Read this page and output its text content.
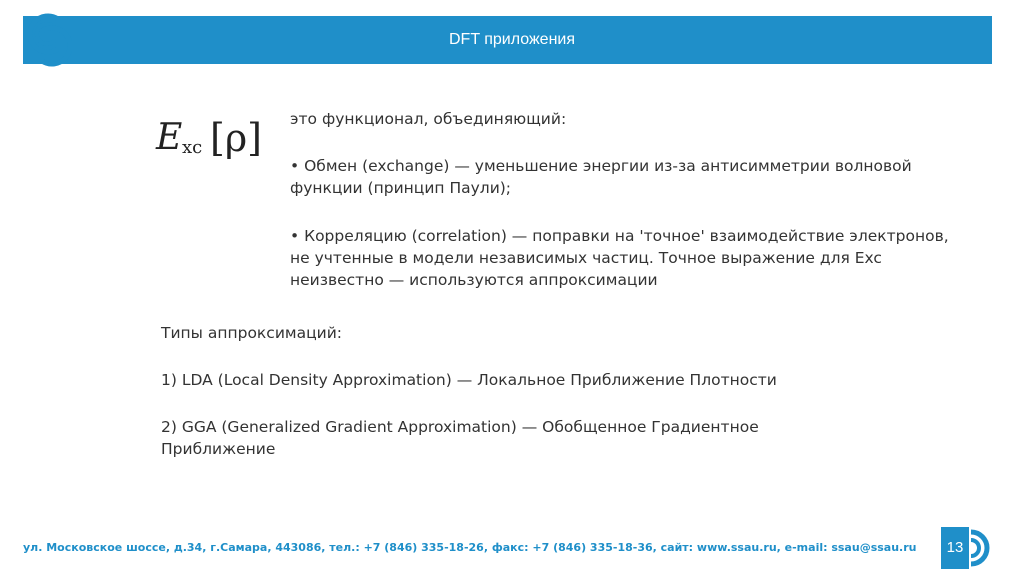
DFT приложения
E xc [ρ] это функционал, объединяющий:
• Обмен (exchange) — уменьшение энергии из-за антисимметрии волновой функции (принцип Паули);
• Корреляцию (correlation) — поправки на 'точное' взаимодействие электронов, не учтенные в модели независимых частиц. Точное выражение для Exc неизвестно — используются аппроксимации
Типы аппроксимаций:
1) LDA (Local Density Approximation) — Локальное Приближение Плотности
2) GGA (Generalized Gradient Approximation) — Обобщенное Градиентное Приближение
ул. Московское шоссе, д.34, г.Самара, 443086, тел.: +7 (846) 335-18-26, факс: +7 (846) 335-18-36, сайт: www.ssau.ru, e-mail: ssau@ssau.ru	13
